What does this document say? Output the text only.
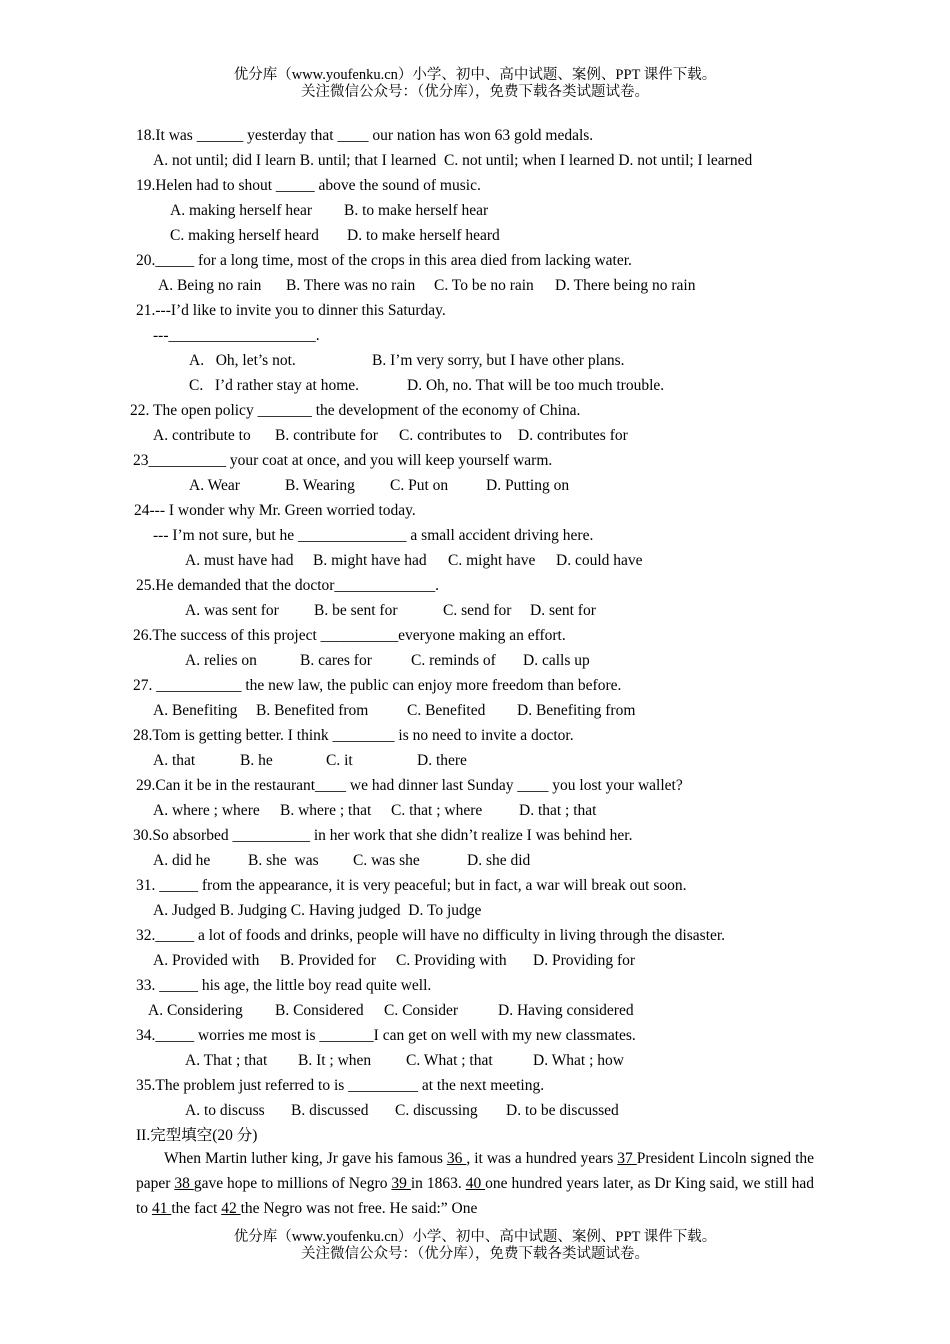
优分库（www.youfenku.cn）小学、初中、高中试题、案例、PPT 课件下载。
关注微信公众号：（优分库），免费下载各类试题试卷。
18.It was ______ yesterday that ____ our nation has won 63 gold medals.
A. not until; did I learn B. until; that I learned  C. not until; when I learned D. not until; I learned
19.Helen had to shout _____ above the sound of music.
A. making herself hear B. to make herself hear
C. making herself heard D. to make herself heard
20._____ for a long time, most of the crops in this area died from lacking water.
A. Being no rain B. There was no rain C. To be no rain D. There being no rain
21.---I’d like to invite you to dinner this Saturday.
---___________________.
A.   Oh, let’s not.	B. I’m very sorry, but I have other plans.
C.   I’d rather stay at home.	D. Oh, no. That will be too much trouble.
22. The open policy _______ the development of the economy of China.
A. contribute to B. contribute for C. contributes to D. contributes for
23__________ your coat at once, and you will keep yourself warm.
A. Wear	B. Wearing C. Put on D. Putting on
24--- I wonder why Mr. Green worried today.
--- I’m not sure, but he ______________ a small accident driving here.
A. must have had B. might have had C. might have D. could have
25.He demanded that the doctor_____________.
A. was sent for B. be sent for	C. send for D. sent for
26.The success of this project __________everyone making an effort.
A. relies on	B. cares for	C. reminds of D. calls up
27. ___________ the new law, the public can enjoy more freedom than before.
A. Benefiting B. Benefited from C. Benefited D. Benefiting from
28.Tom is getting better. I think ________ is no need to invite a doctor.
A. that	B. he	C. it	D. there
29.Can it be in the restaurant____ we had dinner last Sunday ____ you lost your wallet?
A. where ; where B. where ; that C. that ; where D. that ; that
30.So absorbed __________ in her work that she didn’t realize I was behind her.
A. did he B. she  was C. was she	D. she did
31. _____ from the appearance, it is very peaceful; but in fact, a war will break out soon.
A. Judged B. Judging C. Having judged  D. To judge
32._____ a lot of foods and drinks, people will have no difficulty in living through the disaster.
A. Provided with B. Provided for C. Providing with D. Providing for
33. _____ his age, the little boy read quite well.
A. Considering B. Considered C. Consider	D. Having considered
34._____ worries me most is _______I can get on well with my new classmates.
A. That ; that B. It ; when C. What ; that	D. What ; how
35.The problem just referred to is _________ at the next meeting.
A. to discuss B. discussed C. discussing D. to be discussed
II.完型填空(20 分)

When Martin luther king, Jr gave his famous 36 , it was a hundred years 37 President Lincoln signed the paper 38 gave hope to millions of Negro 39 in 1863. 40 one hundred years later, as Dr King said, we still had to 41 the fact 42 the Negro was not free. He said:” One

优分库（www.youfenku.cn）小学、初中、高中试题、案例、PPT 课件下载。
关注微信公众号：（优分库），免费下载各类试题试卷。
